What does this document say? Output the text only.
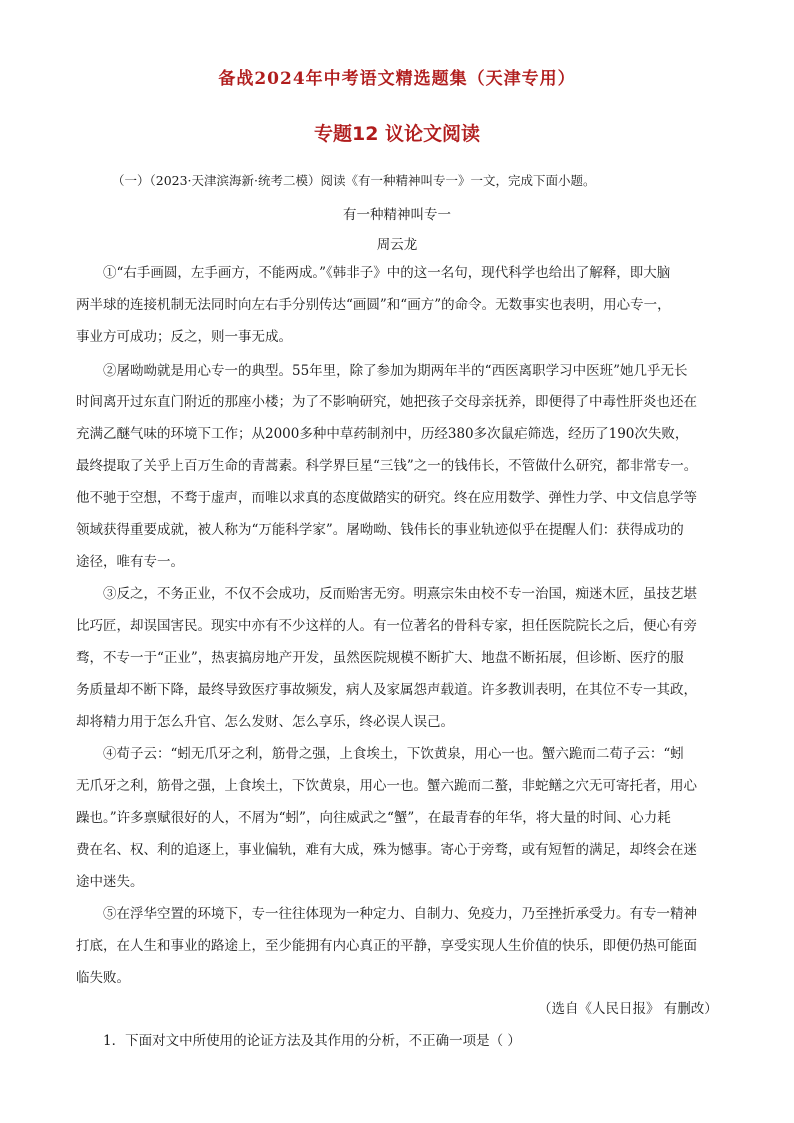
备战2024年中考语文精选题集（天津专用）
专题12 议论文阅读
（一）（2023·天津滨海新·统考二模）阅读《有一种精神叫专一》一文，完成下面小题。
有一种精神叫专一
周云龙
①“右手画圆，左手画方，不能两成。”《韩非子》中的这一名句，现代科学也给出了解释，即大脑
两半球的连接机制无法同时向左右手分别传达“画圆”和“画方”的命令。无数事实也表明，用心专一，
事业方可成功；反之，则一事无成。
②屠呦呦就是用心专一的典型。55年里，除了参加为期两年半的“西医离职学习中医班”她几乎无长
时间离开过东直门附近的那座小楼；为了不影响研究，她把孩子交母亲抚养，即便得了中毒性肝炎也还在
充满乙醚气味的环境下工作；从2000多种中草药制剂中，历经380多次鼠疟筛选，经历了190次失败，
最终提取了关乎上百万生命的青蒿素。科学界巨星“三钱”之一的钱伟长，不管做什么研究，都非常专一。
他不驰于空想，不骛于虚声，而唯以求真的态度做踏实的研究。终在应用数学、弹性力学、中文信息学等
领域获得重要成就，被人称为“万能科学家”。屠呦呦、钱伟长的事业轨迹似乎在提醒人们：获得成功的
途径，唯有专一。
③反之，不务正业，不仅不会成功，反而贻害无穷。明熹宗朱由校不专一治国，痴迷木匠，虽技艺堪
比巧匠，却误国害民。现实中亦有不少这样的人。有一位著名的骨科专家，担任医院院长之后，便心有旁
骛，不专一于“正业”，热衷搞房地产开发，虽然医院规模不断扩大、地盘不断拓展，但诊断、医疗的服
务质量却不断下降，最终导致医疗事故频发，病人及家属怨声载道。许多教训表明，在其位不专一其政，
却将精力用于怎么升官、怎么发财、怎么享乐，终必误人误己。
④荀子云：“蚓无爪牙之利，筋骨之强，上食埃土，下饮黄泉，用心一也。蟹六跪而二荀子云：“蚓
无爪牙之利，筋骨之强，上食埃土，下饮黄泉，用心一也。蟹六跪而二螯，非蛇鳝之穴无可寄托者，用心
躁也。”许多禀赋很好的人，不屑为“蚓”，向往威武之“蟹”，在最青春的年华，将大量的时间、心力耗
费在名、权、利的追逐上，事业偏轨，难有大成，殊为憾事。寄心于旁骛，或有短暂的满足，却终会在迷
途中迷失。
⑤在浮华空置的环境下，专一往往体现为一种定力、自制力、免疫力，乃至挫折承受力。有专一精神
打底，在人生和事业的路途上，至少能拥有内心真正的平静，享受实现人生价值的快乐，即便仍热可能面
临失败。
（选自《人民日报》 有删改）
1．下面对文中所使用的论证方法及其作用的分析，不正确一项是（ ）
